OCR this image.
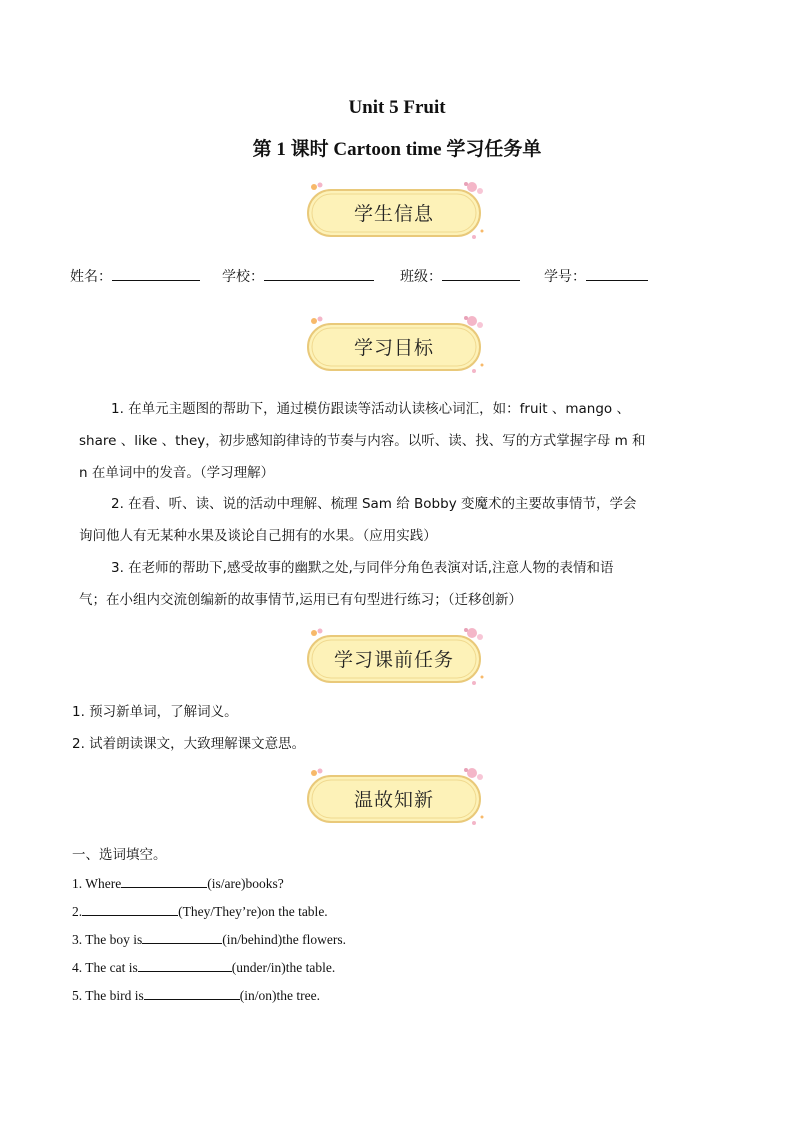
Unit 5 Fruit
第 1 课时 Cartoon time 学习任务单
学生信息
姓名：	学校：	班级：	学号：
学习目标
1. 在单元主题图的帮助下，通过模仿跟读等活动认读核心词汇，如：fruit 、mango 、
share 、like 、they，初步感知韵律诗的节奏与内容。以听、读、找、写的方式掌握字母 m 和
n 在单词中的发音。（学习理解）
2. 在看、听、读、说的活动中理解、梳理 Sam 给 Bobby 变魔术的主要故事情节，学会
询问他人有无某种水果及谈论自己拥有的水果。（应用实践）
3. 在老师的帮助下,感受故事的幽默之处,与同伴分角色表演对话,注意人物的表情和语
气；在小组内交流创编新的故事情节,运用已有句型进行练习；（迁移创新）
学习课前任务
1. 预习新单词，了解词义。
2. 试着朗读课文，大致理解课文意思。
温故知新
一、选词填空。
1. Where	(is/are)books?
2.	(They/They’re)on the table.
3. The boy is	(in/behind)the flowers.
4. The cat is	(under/in)the table.
5. The bird is	(in/on)the tree.
